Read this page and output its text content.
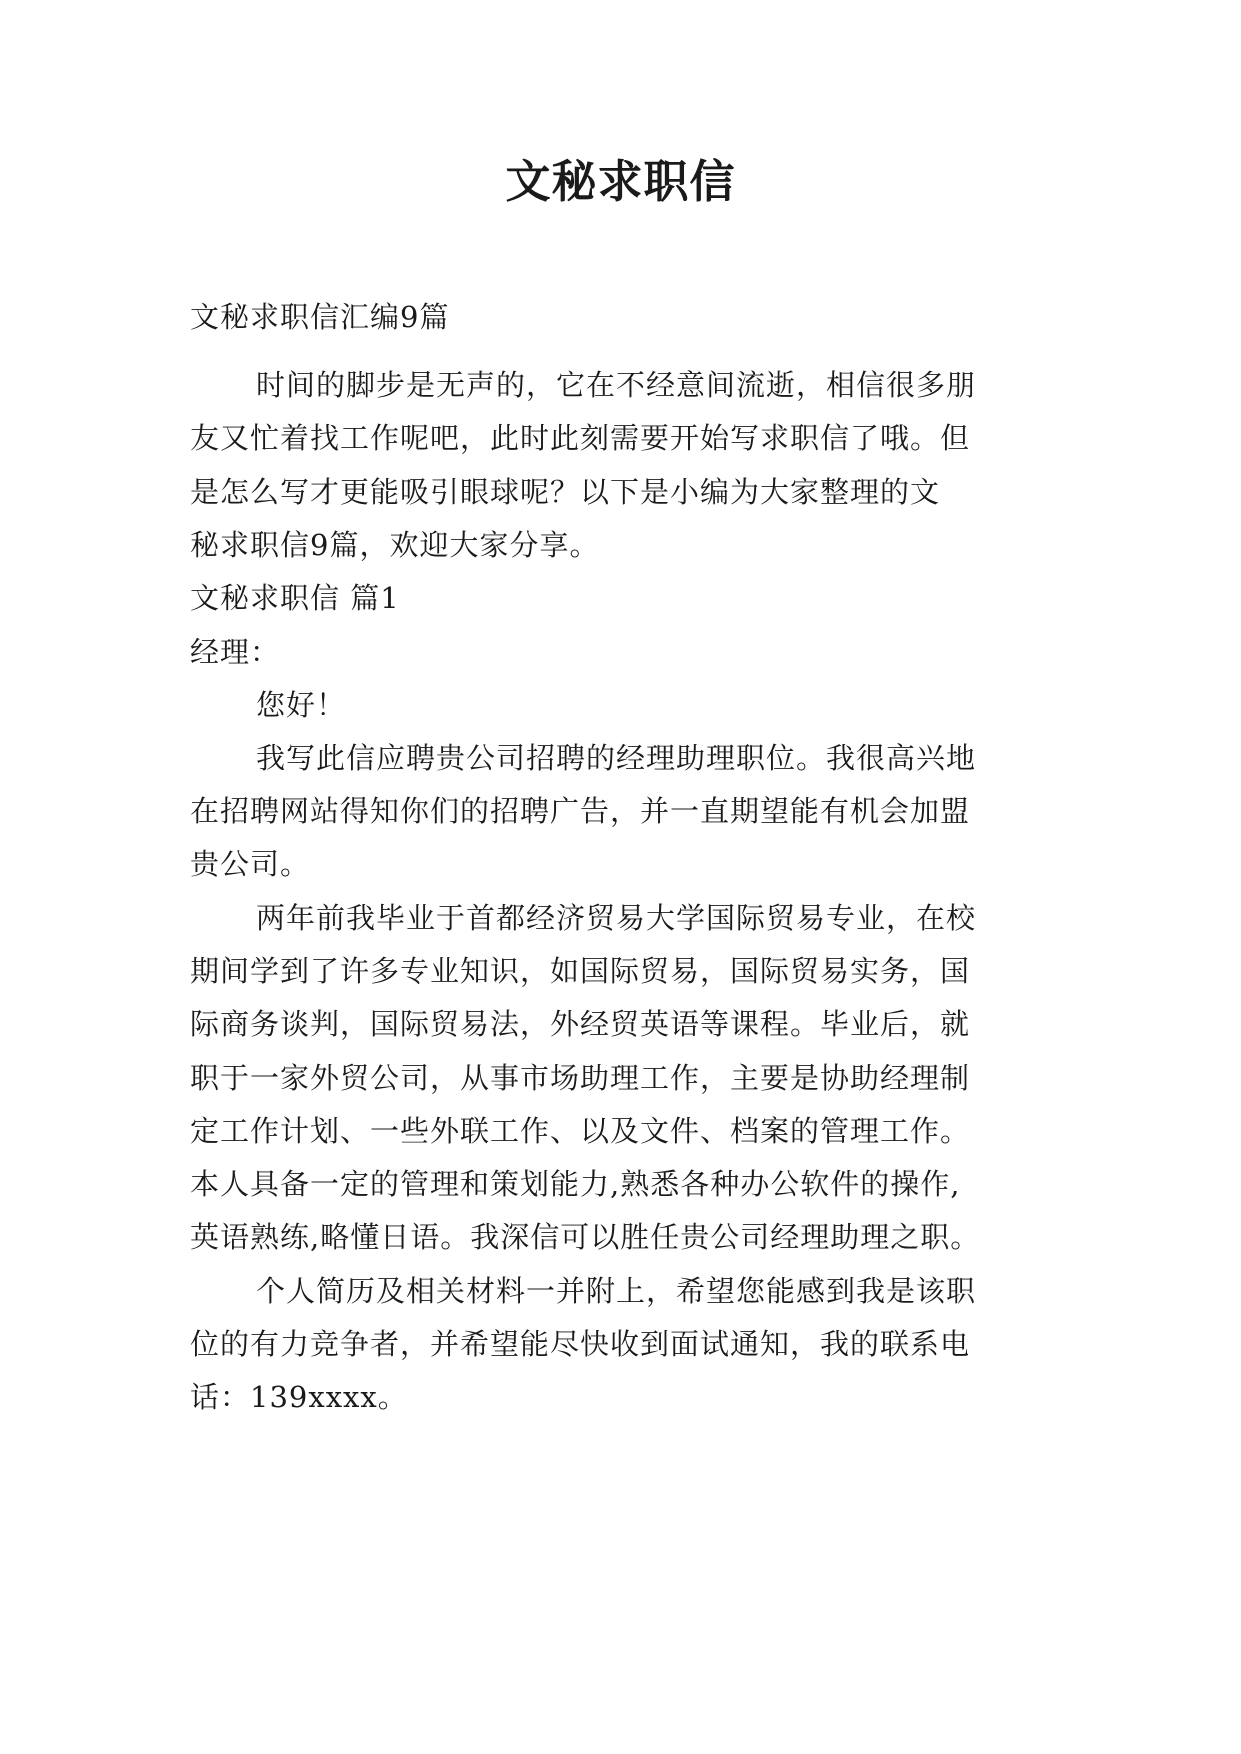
文秘求职信
文秘求职信汇编9篇
时间的脚步是无声的，它在不经意间流逝，相信很多朋
友又忙着找工作呢吧，此时此刻需要开始写求职信了哦。但
是怎么写才更能吸引眼球呢？以下是小编为大家整理的文
秘求职信9篇，欢迎大家分享。
文秘求职信 篇1
经理：
您好！
我写此信应聘贵公司招聘的经理助理职位。我很高兴地
在招聘网站得知你们的招聘广告，并一直期望能有机会加盟
贵公司。
两年前我毕业于首都经济贸易大学国际贸易专业，在校
期间学到了许多专业知识，如国际贸易，国际贸易实务，国
际商务谈判，国际贸易法，外经贸英语等课程。毕业后，就
职于一家外贸公司，从事市场助理工作，主要是协助经理制
定工作计划、一些外联工作、以及文件、档案的管理工作。
本人具备一定的管理和策划能力,熟悉各种办公软件的操作,
英语熟练,略懂日语。我深信可以胜任贵公司经理助理之职。
个人简历及相关材料一并附上，希望您能感到我是该职
位的有力竞争者，并希望能尽快收到面试通知，我的联系电
话：139xxxx。
